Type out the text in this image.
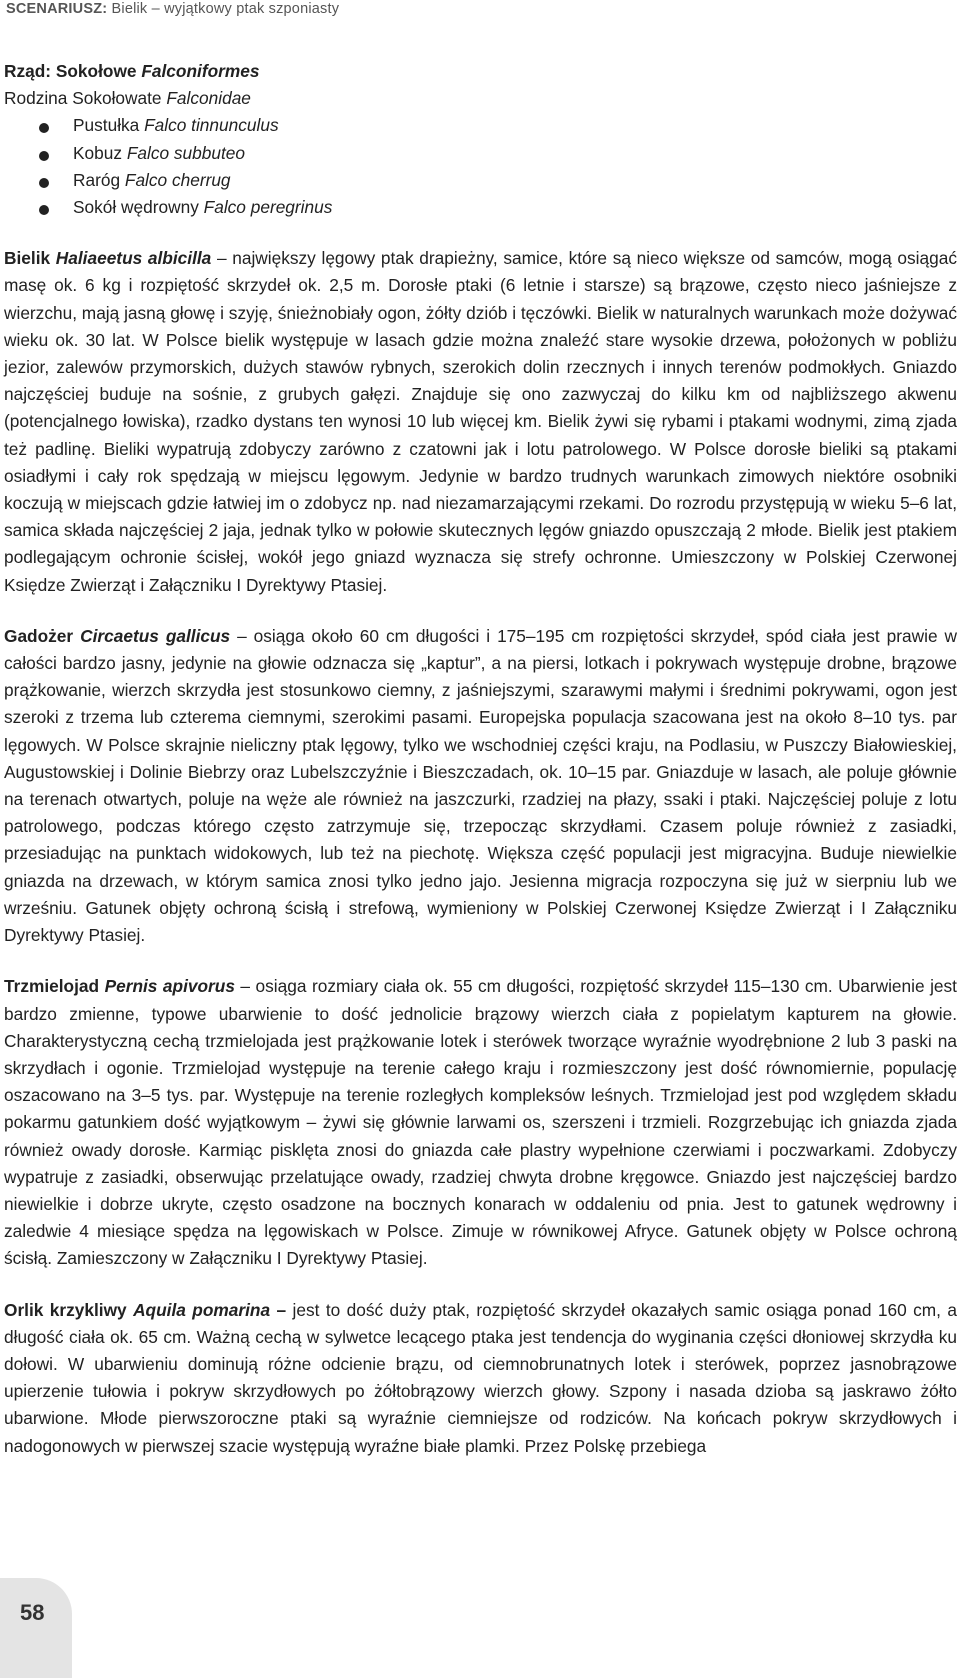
SCENARIUSZ: Bielik – wyjątkowy ptak szponiasty
Rząd: Sokołowe Falconiformes
Rodzina Sokołowate Falconidae
Pustułka Falco tinnunculus
Kobuz Falco subbuteo
Raróg Falco cherrug
Sokół wędrowny Falco peregrinus

Bielik Haliaeetus albicilla – największy lęgowy ptak drapieżny, samice, które są nieco większe od samców, mogą osiągać masę ok. 6 kg i rozpiętość skrzydeł ok. 2,5 m. Dorosłe ptaki (6 letnie i starsze) są brązowe, często nieco jaśniejsze z wierzchu, mają jasną głowę i szyję, śnieżnobiały ogon, żółty dziób i tęczówki. Bielik w naturalnych warunkach może dożywać wieku ok. 30 lat. W Polsce bielik występuje w lasach gdzie można znaleźć stare wysokie drzewa, położonych w pobliżu jezior, zalewów przymorskich, dużych stawów rybnych, szerokich dolin rzecznych i innych terenów podmokłych. Gniazdo najczęściej buduje na sośnie, z grubych gałęzi. Znajduje się ono zazwyczaj do kilku km od najbliższego akwenu (potencjalnego łowiska), rzadko dystans ten wynosi 10 lub więcej km. Bielik żywi się rybami i ptakami wodnymi, zimą zjada też padlinę. Bieliki wypatrują zdobyczy zarówno z czatowni jak i lotu patrolowego. W Polsce dorosłe bieliki są ptakami osiadłymi i cały rok spędzają w miejscu lęgowym. Jedynie w bardzo trudnych warunkach zimowych niektóre osobniki koczują w miejscach gdzie łatwiej im o zdobycz np. nad niezamarzającymi rzekami. Do rozrodu przystępują w wieku 5–6 lat, samica składa najczęściej 2 jaja, jednak tylko w połowie skutecznych lęgów gniazdo opuszczają 2 młode. Bielik jest ptakiem podlegającym ochronie ścisłej, wokół jego gniazd wyznacza się strefy ochronne. Umieszczony w Polskiej Czerwonej Księdze Zwierząt i Załączniku I Dyrektywy Ptasiej.

Gadożer Circaetus gallicus – osiąga około 60 cm długości i 175–195 cm rozpiętości skrzydeł, spód ciała jest prawie w całości bardzo jasny, jedynie na głowie odznacza się „kaptur”, a na piersi, lotkach i pokrywach występuje drobne, brązowe prążkowanie, wierzch skrzydła jest stosunkowo ciemny, z jaśniejszymi, szarawymi małymi i średnimi pokrywami, ogon jest szeroki z trzema lub czterema ciemnymi, szerokimi pasami. Europejska populacja szacowana jest na około 8–10 tys. par lęgowych. W Polsce skrajnie nieliczny ptak lęgowy, tylko we wschodniej części kraju, na Podlasiu, w Puszczy Białowieskiej, Augustowskiej i Dolinie Biebrzy oraz Lubelszczyźnie i Bieszczadach, ok. 10–15 par. Gniazduje w lasach, ale poluje głównie na terenach otwartych, poluje na węże ale również na jaszczurki, rzadziej na płazy, ssaki i ptaki. Najczęściej poluje z lotu patrolowego, podczas którego często zatrzymuje się, trzepocząc skrzydłami. Czasem poluje również z zasiadki, przesiadując na punktach widokowych, lub też na piechotę. Większa część populacji jest migracyjna. Buduje niewielkie gniazda na drzewach, w którym samica znosi tylko jedno jajo. Jesienna migracja rozpoczyna się już w sierpniu lub we wrześniu. Gatunek objęty ochroną ścisłą i strefową, wymieniony w Polskiej Czerwonej Księdze Zwierząt i I Załączniku Dyrektywy Ptasiej.

Trzmielojad Pernis apivorus – osiąga rozmiary ciała ok. 55 cm długości, rozpiętość skrzydeł 115–130 cm. Ubarwienie jest bardzo zmienne, typowe ubarwienie to dość jednolicie brązowy wierzch ciała z popielatym kapturem na głowie. Charakterystyczną cechą trzmielojada jest prążkowanie lotek i sterówek tworzące wyraźnie wyodrębnione 2 lub 3 paski na skrzydłach i ogonie. Trzmielojad występuje na terenie całego kraju i rozmieszczony jest dość równomiernie, populację oszacowano na 3–5 tys. par. Występuje na terenie rozległych kompleksów leśnych. Trzmielojad jest pod względem składu pokarmu gatunkiem dość wyjątkowym – żywi się głównie larwami os, szerszeni i trzmieli. Rozgrzebując ich gniazda zjada również owady dorosłe. Karmiąc pisklęta znosi do gniazda całe plastry wypełnione czerwiami i poczwarkami. Zdobyczy wypatruje z zasiadki, obserwując przelatujące owady, rzadziej chwyta drobne kręgowce. Gniazdo jest najczęściej bardzo niewielkie i dobrze ukryte, często osadzone na bocznych konarach w oddaleniu od pnia. Jest to gatunek wędrowny i zaledwie 4 miesiące spędza na lęgowiskach w Polsce. Zimuje w równikowej Afryce. Gatunek objęty w Polsce ochroną ścisłą. Zamieszczony w Załączniku I Dyrektywy Ptasiej.

Orlik krzykliwy Aquila pomarina – jest to dość duży ptak, rozpiętość skrzydeł okazałych samic osiąga ponad 160 cm, a długość ciała ok. 65 cm. Ważną cechą w sylwetce lecącego ptaka jest tendencja do wyginania części dłoniowej skrzydła ku dołowi. W ubarwieniu dominują różne odcienie brązu, od ciemnobrunatnych lotek i sterówek, poprzez jasnobrązowe upierzenie tułowia i pokryw skrzydłowych po żółtobrązowy wierzch głowy. Szpony i nasada dzioba są jaskrawo żółto ubarwione. Młode pierwszoroczne ptaki są wyraźnie ciemniejsze od rodziców. Na końcach pokryw skrzydłowych i nadogonowych w pierwszej szacie występują wyraźne białe plamki. Przez Polskę przebiega

58
